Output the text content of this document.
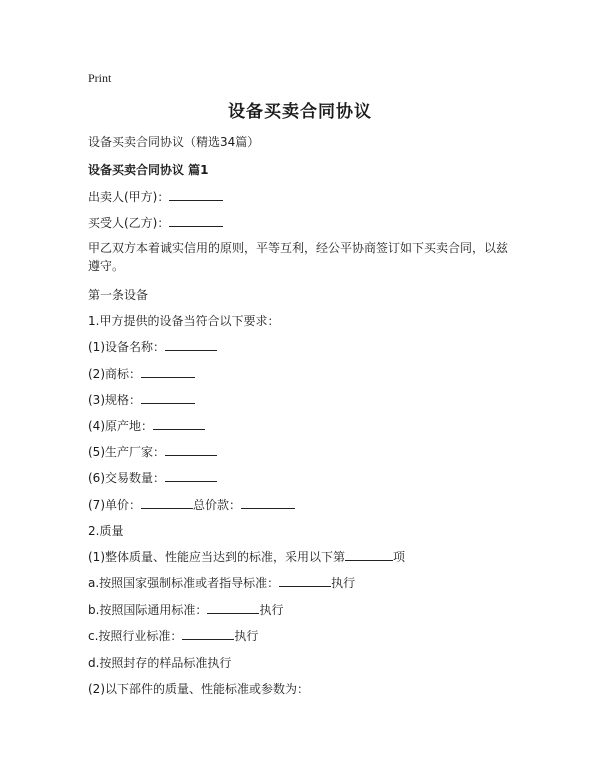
Print
设备买卖合同协议
设备买卖合同协议（精选34篇）
设备买卖合同协议 篇1
出卖人(甲方)：
买受人(乙方)：
甲乙双方本着诚实信用的原则，平等互利，经公平协商签订如下买卖合同，以兹遵守。
第一条设备
1.甲方提供的设备当符合以下要求：
(1)设备名称：
(2)商标：
(3)规格：
(4)原产地：
(5)生产厂家：
(6)交易数量：
(7)单价：	总价款：
2.质量
(1)整体质量、性能应当达到的标准，采用以下第	项
a.按照国家强制标准或者指导标准：	执行
b.按照国际通用标准：	执行
c.按照行业标准：	执行
d.按照封存的样品标准执行
(2)以下部件的质量、性能标准或参数为：
